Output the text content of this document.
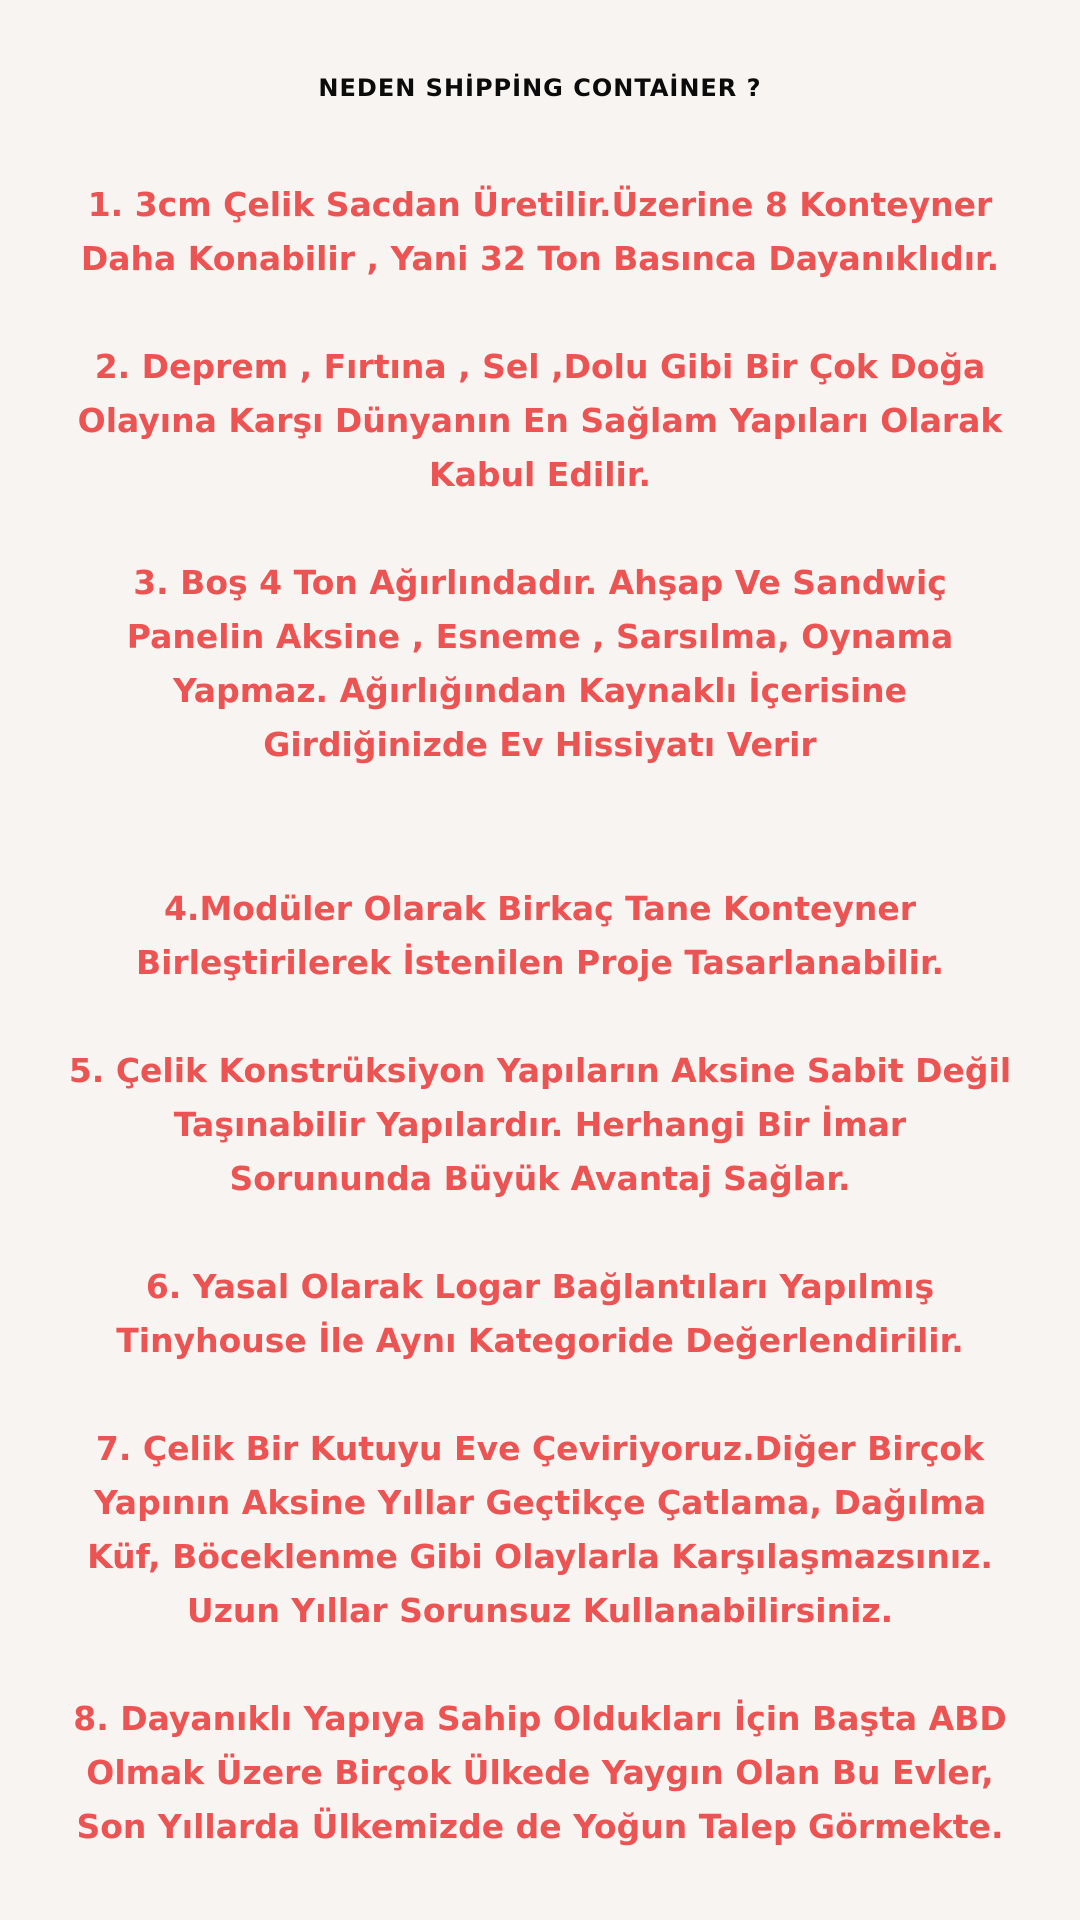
NEDEN SHİPPİNG CONTAİNER ?

1. 3cm Çelik Sacdan Üretilir.Üzerine 8 Konteyner
Daha Konabilir , Yani 32 Ton Basınca Dayanıklıdır.

2. Deprem , Fırtına , Sel ,Dolu Gibi Bir Çok Doğa
Olayına Karşı Dünyanın En Sağlam Yapıları Olarak
Kabul Edilir.

3. Boş 4 Ton Ağırlındadır. Ahşap Ve Sandwiç
Panelin Aksine , Esneme , Sarsılma, Oynama
Yapmaz. Ağırlığından Kaynaklı İçerisine
Girdiğinizde Ev Hissiyatı Verir

4.Modüler Olarak Birkaç Tane Konteyner
Birleştirilerek İstenilen Proje Tasarlanabilir.

5. Çelik Konstrüksiyon Yapıların Aksine Sabit Değil
Taşınabilir Yapılardır. Herhangi Bir İmar
Sorununda Büyük Avantaj Sağlar.

6. Yasal Olarak Logar Bağlantıları Yapılmış
Tinyhouse İle Aynı Kategoride Değerlendirilir.

7. Çelik Bir Kutuyu Eve Çeviriyoruz.Diğer Birçok
Yapının Aksine Yıllar Geçtikçe Çatlama, Dağılma
Küf, Böceklenme Gibi Olaylarla Karşılaşmazsınız.
Uzun Yıllar Sorunsuz Kullanabilirsiniz.

8. Dayanıklı Yapıya Sahip Oldukları İçin Başta ABD
Olmak Üzere Birçok Ülkede Yaygın Olan Bu Evler,
Son Yıllarda Ülkemizde de Yoğun Talep Görmekte.
